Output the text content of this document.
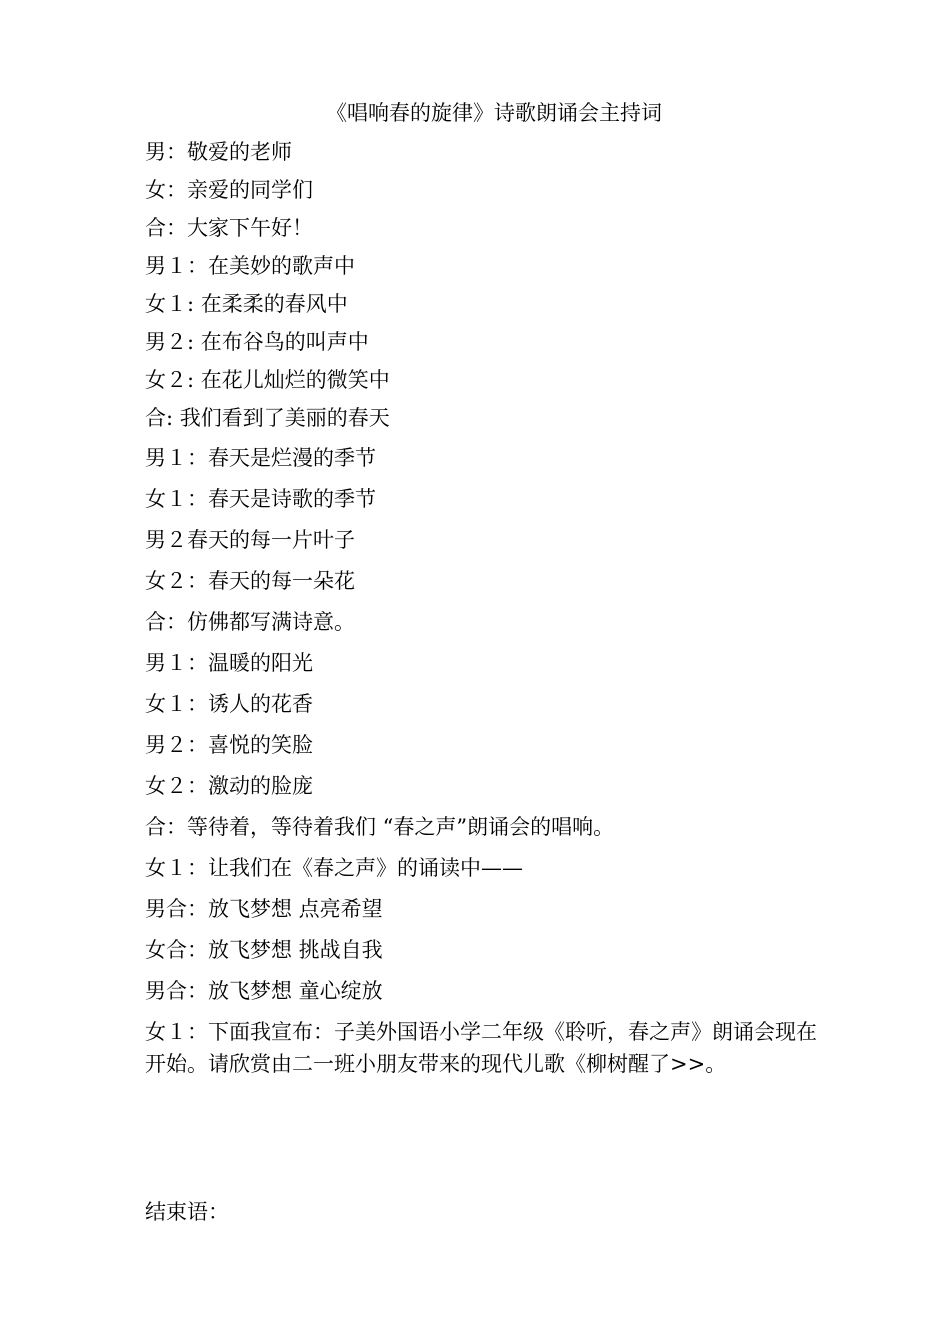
《唱响春的旋律》诗歌朗诵会主持词
男：敬爱的老师
女：亲爱的同学们
合：大家下午好！
男１：在美妙的歌声中
女１: 在柔柔的春风中
男２: 在布谷鸟的叫声中
女２: 在花儿灿烂的微笑中
合: 我们看到了美丽的春天
男１：春天是烂漫的季节
女１：春天是诗歌的季节
男２春天的每一片叶子
女２：春天的每一朵花
合：仿佛都写满诗意。
男１：温暖的阳光
女１：诱人的花香
男２：喜悦的笑脸
女２：激动的脸庞
合：等待着，等待着我们 “春之声”朗诵会的唱响。
女１：让我们在《春之声》的诵读中——
男合：放飞梦想 点亮希望
女合：放飞梦想 挑战自我
男合：放飞梦想 童心绽放
女１：下面我宣布：子美外国语小学二年级《聆听，春之声》朗诵会现在开始。请欣赏由二一班小朋友带来的现代儿歌《柳树醒了>>。
结束语：
